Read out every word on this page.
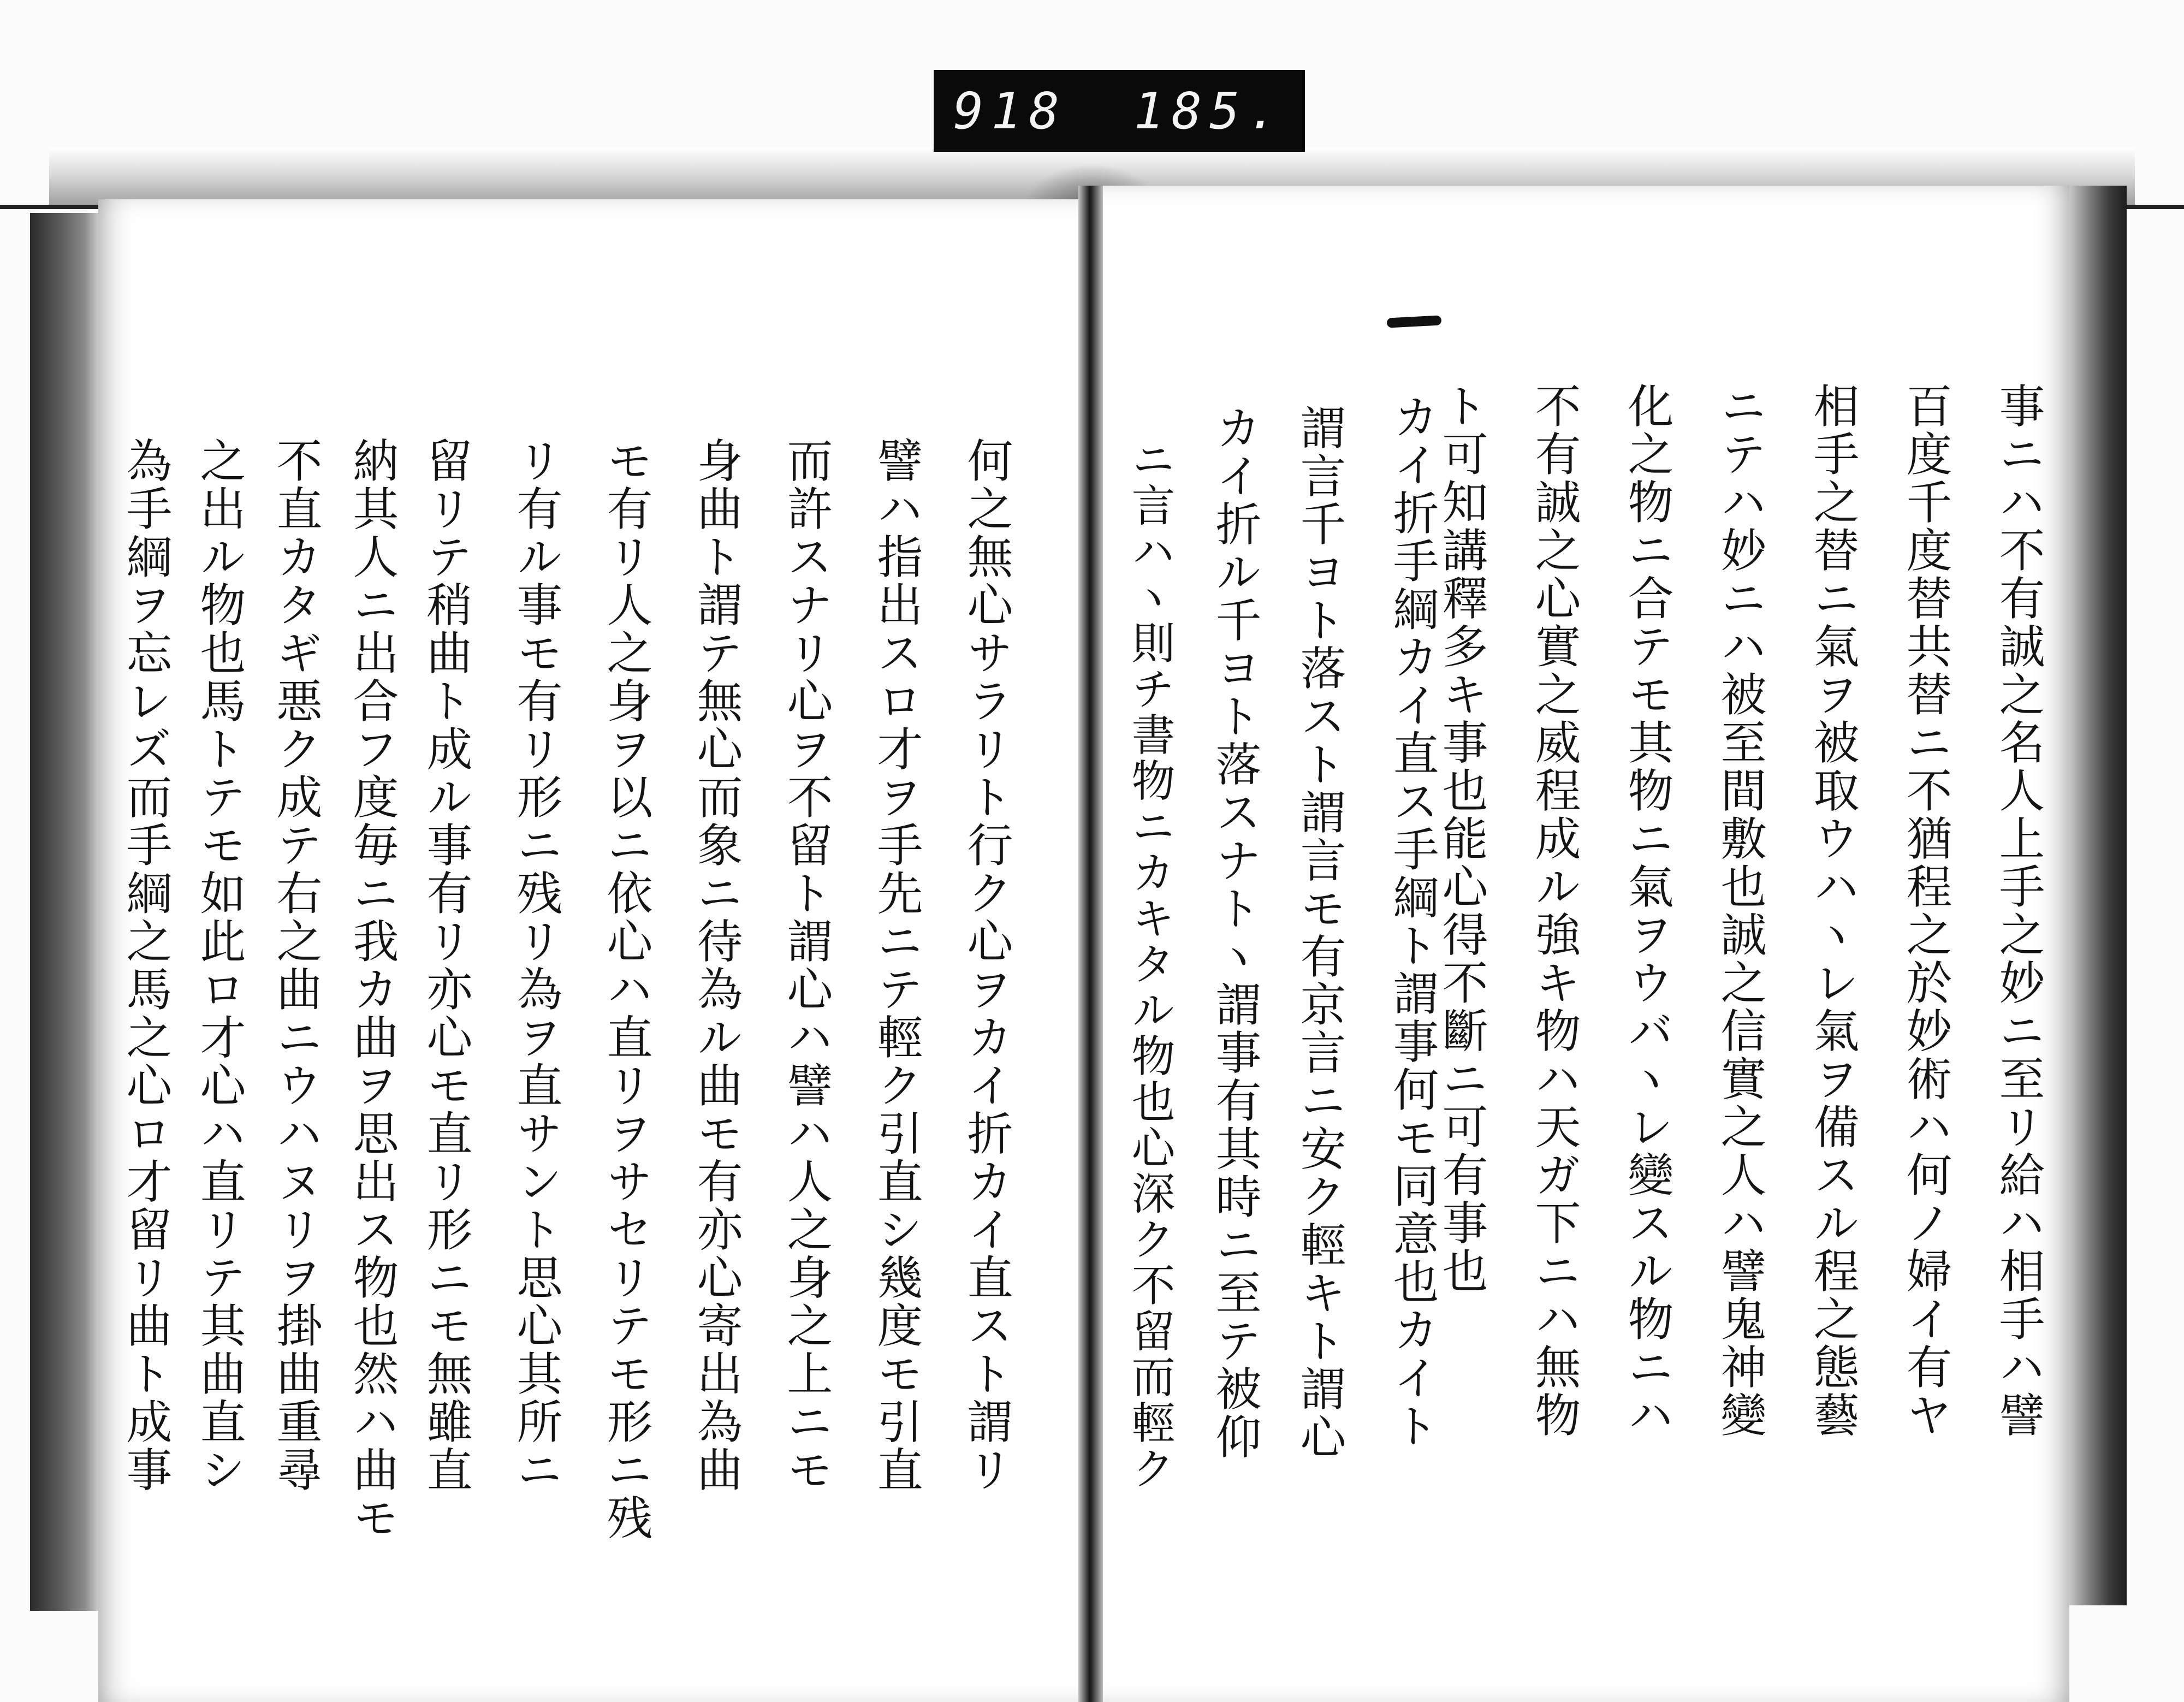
918 185.
事ニハ不有誠之名人上手之妙ニ至リ給ハ相手ハ譬
百度千度替共替ニ不猶程之於妙術ハ何ノ婦イ有ヤ
相手之替ニ氣ヲ被取ウハヽレ氣ヲ備スル程之態藝
ニテハ妙ニハ被至間敷也誠之信實之人ハ譬鬼神變
化之物ニ合テモ其物ニ氣ヲウバヽレ變スル物ニハ
不有誠之心實之威程成ル強キ物ハ天ガ下ニハ無物
ト可知講釋多キ事也能心得不斷ニ可有事也
カイ折手綱カイ直ス手綱ト謂事何モ同意也カイト
謂言千ヨト落スト謂言モ有京言ニ安ク輕キト謂心
カイ折ル千ヨト落スナトヽ謂事有其時ニ至テ被仰
ニ言ハヽ則チ書物ニカキタル物也心深ク不留而輕ク
何之無心サラリト行ク心ヲカイ折カイ直スト謂リ
譬ハ指出スロ才ヲ手先ニテ輕ク引直シ幾度モ引直
而許スナリ心ヲ不留ト謂心ハ譬ハ人之身之上ニモ
身曲ト謂テ無心而象ニ待為ル曲モ有亦心寄出為曲
モ有リ人之身ヲ以ニ依心ハ直リヲサセリテモ形ニ残
リ有ル事モ有リ形ニ残リ為ヲ直サント思心其所ニ
留リテ稍曲ト成ル事有リ亦心モ直リ形ニモ無雖直
納其人ニ出合フ度毎ニ我カ曲ヲ思出ス物也然ハ曲モ
不直カタギ悪ク成テ右之曲ニウハヌリヲ掛曲重尋
之出ル物也馬トテモ如此ロ才心ハ直リテ其曲直シ
為手綱ヲ忘レズ而手綱之馬之心ロ才留リ曲ト成事
